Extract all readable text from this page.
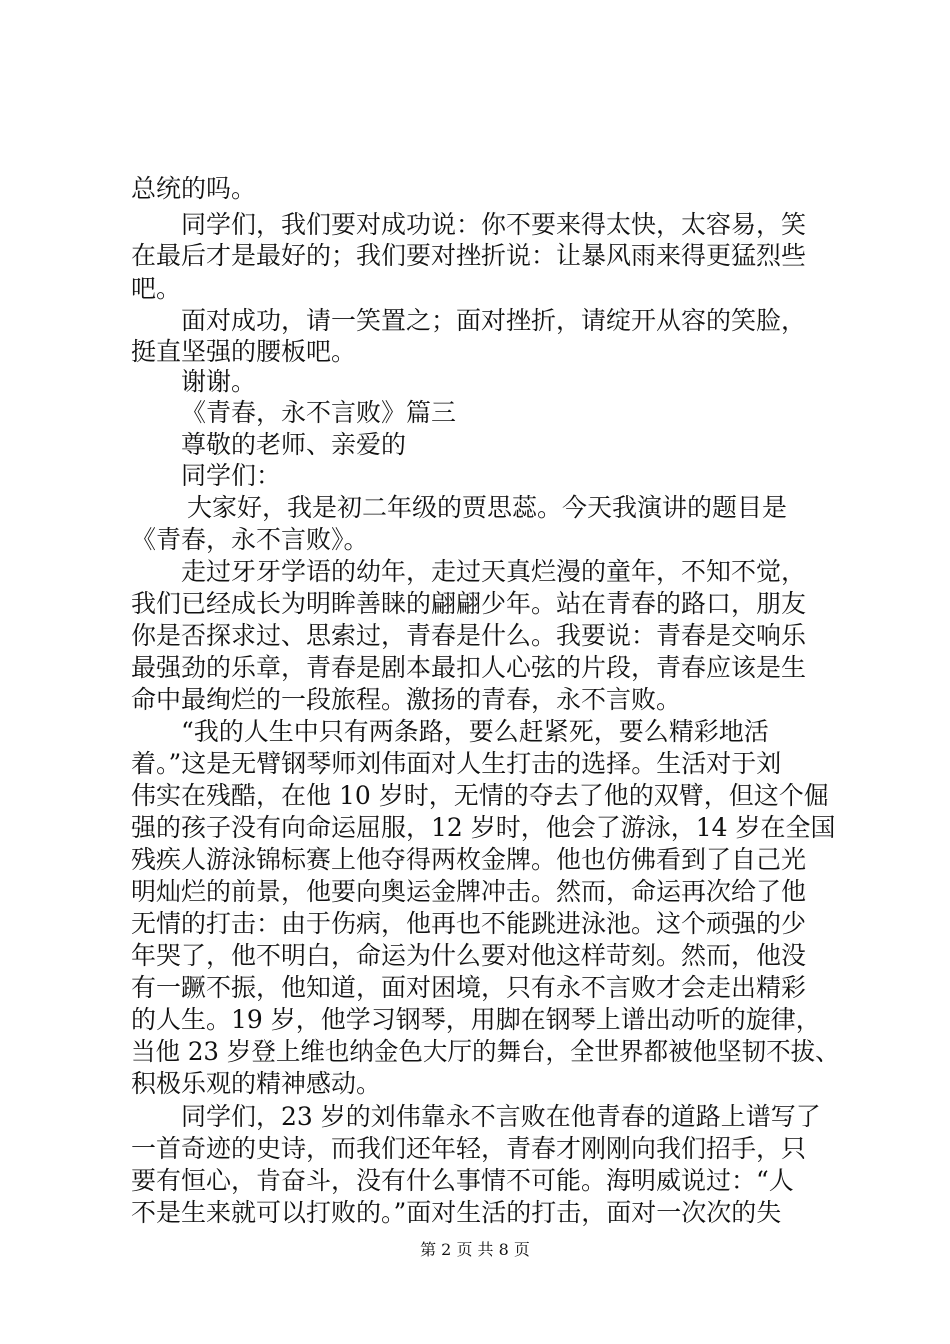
总统的吗。
同学们，我们要对成功说：你不要来得太快，太容易，笑
在最后才是最好的；我们要对挫折说：让暴风雨来得更猛烈些
吧。
面对成功，请一笑置之；面对挫折，请绽开从容的笑脸，
挺直坚强的腰板吧。
谢谢。
《青春，永不言败》篇三
尊敬的老师、亲爱的
同学们：
大家好，我是初二年级的贾思蕊。今天我演讲的题目是
《青春，永不言败》。
走过牙牙学语的幼年，走过天真烂漫的童年，不知不觉，
我们已经成长为明眸善睐的翩翩少年。站在青春的路口，朋友
你是否探求过、思索过，青春是什么。我要说：青春是交响乐
最强劲的乐章，青春是剧本最扣人心弦的片段，青春应该是生
命中最绚烂的一段旅程。激扬的青春，永不言败。
“我的人生中只有两条路，要么赶紧死，要么精彩地活
着。”这是无臂钢琴师刘伟面对人生打击的选择。生活对于刘
伟实在残酷，在他 10 岁时，无情的夺去了他的双臂，但这个倔
强的孩子没有向命运屈服，12 岁时，他会了游泳，14 岁在全国
残疾人游泳锦标赛上他夺得两枚金牌。他也仿佛看到了自己光
明灿烂的前景，他要向奥运金牌冲击。然而，命运再次给了他
无情的打击：由于伤病，他再也不能跳进泳池。这个顽强的少
年哭了，他不明白，命运为什么要对他这样苛刻。然而，他没
有一蹶不振，他知道，面对困境，只有永不言败才会走出精彩
的人生。19 岁，他学习钢琴，用脚在钢琴上谱出动听的旋律，
当他 23 岁登上维也纳金色大厅的舞台，全世界都被他坚韧不拔、
积极乐观的精神感动。
同学们，23 岁的刘伟靠永不言败在他青春的道路上谱写了
一首奇迹的史诗，而我们还年轻，青春才刚刚向我们招手，只
要有恒心，肯奋斗，没有什么事情不可能。海明威说过：“人
不是生来就可以打败的。”面对生活的打击，面对一次次的失
第 2 页 共 8 页
